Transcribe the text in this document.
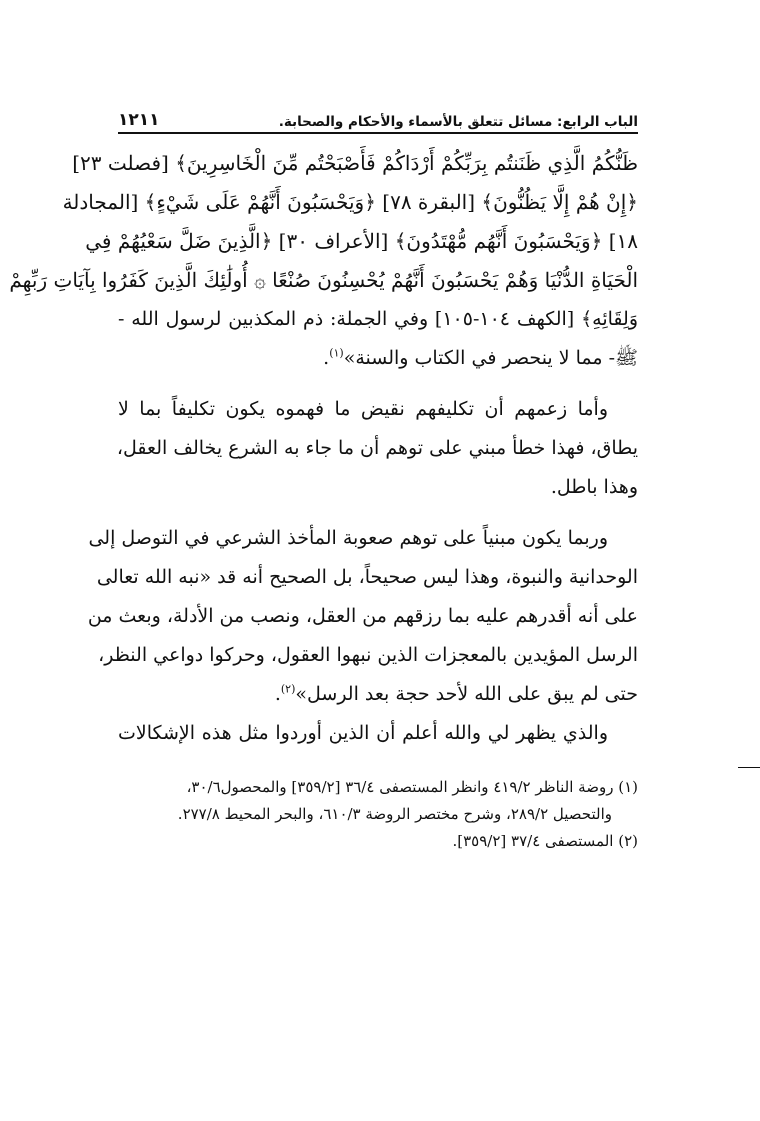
الباب الرابع: مسائل تتعلق بالأسماء والأحكام والصحابة.
١٢١١
ظَنُّكُمُ الَّذِي ظَنَنتُم بِرَبِّكُمْ أَرْدَاكُمْ فَأَصْبَحْتُم مِّنَ الْخَاسِرِينَ﴾ [فصلت ٢٣]
﴿إِنْ هُمْ إِلَّا يَظُنُّونَ﴾ [البقرة ٧٨] ﴿وَيَحْسَبُونَ أَنَّهُمْ عَلَى شَيْءٍ﴾ [المجادلة
١٨] ﴿وَيَحْسَبُونَ أَنَّهُم مُّهْتَدُونَ﴾ [الأعراف ٣٠] ﴿الَّذِينَ ضَلَّ سَعْيُهُمْ فِي
الْحَيَاةِ الدُّنْيَا وَهُمْ يَحْسَبُونَ أَنَّهُمْ يُحْسِنُونَ صُنْعًا ۞ أُولَٰئِكَ الَّذِينَ كَفَرُوا بِآيَاتِ رَبِّهِمْ
وَلِقَائِهِ﴾ [الكهف ١٠٤-١٠٥] وفي الجملة: ذم المكذبين لرسول الله -
ﷺ- مما لا ينحصر في الكتاب والسنة»$^{(١)}$.
وأما زعمهم أن تكليفهم نقيض ما فهموه يكون تكليفاً بما لا
يطاق، فهذا خطأ مبني على توهم أن ما جاء به الشرع يخالف العقل،
وهذا باطل.
وربما يكون مبنياً على توهم صعوبة المأخذ الشرعي في التوصل إلى
الوحدانية والنبوة، وهذا ليس صحيحاً، بل الصحيح أنه قد «نبه الله تعالى
على أنه أقدرهم عليه بما رزقهم من العقل، ونصب من الأدلة، وبعث من
الرسل المؤيدين بالمعجزات الذين نبهوا العقول، وحركوا دواعي النظر،
حتى لم يبق على الله لأحد حجة بعد الرسل»$^{(٢)}$.
والذي يظهر لي والله أعلم أن الذين أوردوا مثل هذه الإشكالات
(١) روضة الناظر ٤١٩/٢ وانظر المستصفى ٣٦/٤ [٣٥٩/٢] والمحصول٣٠/٦،
والتحصيل ٢٨٩/٢، وشرح مختصر الروضة ٦١٠/٣، والبحر المحيط ٢٧٧/٨.
(٢) المستصفى ٣٧/٤ [٣٥٩/٢].
